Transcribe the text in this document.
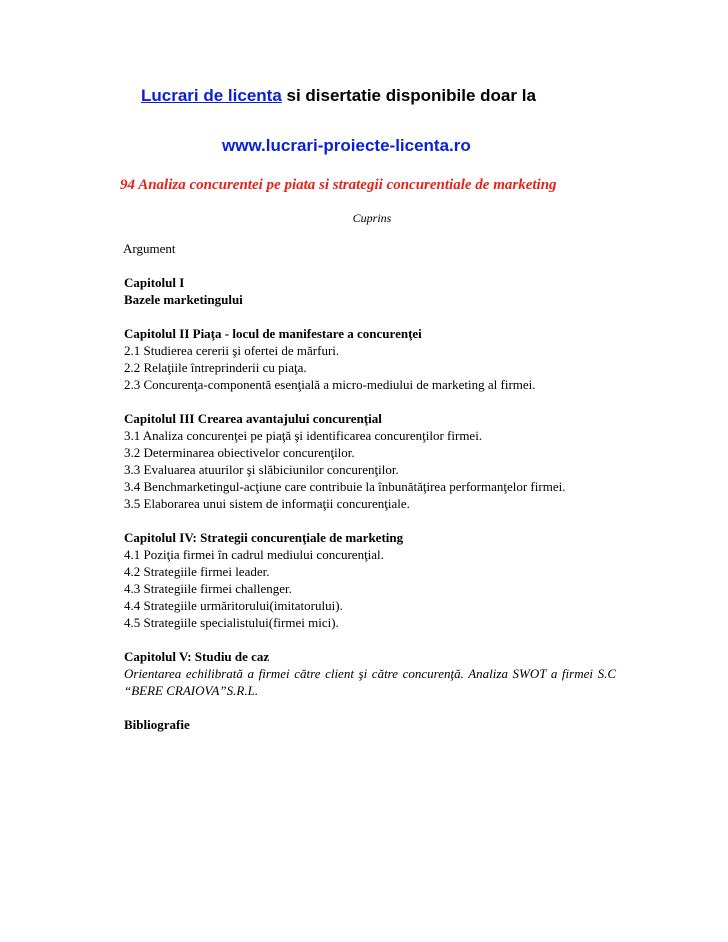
Lucrari de licenta si disertatie disponibile doar la
www.lucrari-proiecte-licenta.ro
94 Analiza concurentei pe piata si strategii concurentiale de marketing
Cuprins
Argument
Capitolul I
Bazele marketingului
Capitolul II Piaţa - locul de manifestare a concurenţei
2.1 Studierea cererii şi ofertei de mărfuri.
2.2 Relaţiile întreprinderii cu piaţa.
2.3 Concurenţa-componentă esenţială a micro-mediului de marketing al firmei.
Capitolul III Crearea avantajului concurenţial
3.1 Analiza concurenţei pe piaţă şi identificarea concurenţilor firmei.
3.2 Determinarea obiectivelor concurenţilor.
3.3 Evaluarea atuurilor şi slăbiciunilor concurenţilor.
3.4 Benchmarketingul-acţiune care contribuie la înbunătăţirea performanţelor firmei.
3.5 Elaborarea unui sistem de informaţii concurenţiale.
Capitolul IV: Strategii concurenţiale de marketing
4.1 Poziţia firmei în cadrul mediului concurenţial.
4.2 Strategiile firmei leader.
4.3 Strategiile firmei challenger.
4.4 Strategiile urmăritorului(imitatorului).
4.5 Strategiile specialistului(firmei mici).
Capitolul V: Studiu de caz
Orientarea echilibrată a firmei către client şi către concurenţă. Analiza SWOT a firmei S.C “BERE CRAIOVA”S.R.L.
Bibliografie
